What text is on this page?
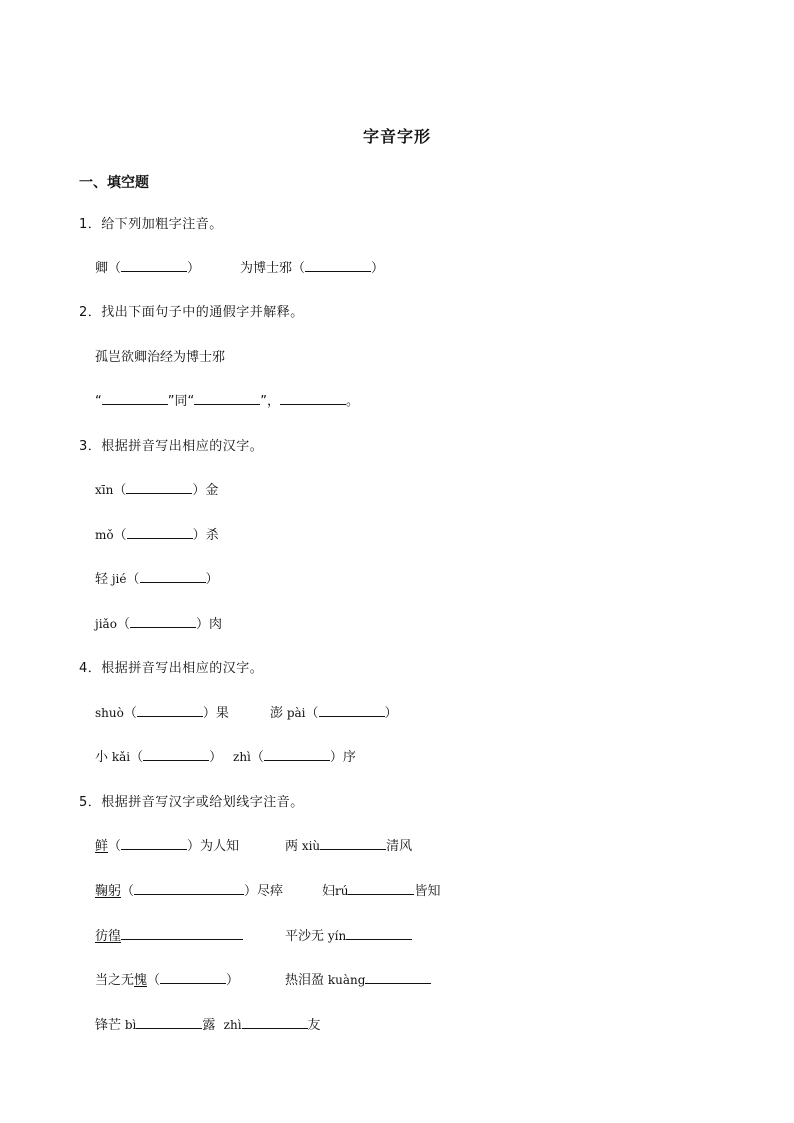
字音字形
一、填空题
1．给下列加粗字注音。
卿（	）	为博士邪（	）
2．找出下面句子中的通假字并解释。
孤岂欲卿治经为博士邪
“	”同“	”，	。
3．根据拼音写出相应的汉字。
xīn（	）金
mǒ（	）杀
轻 jié（	）
jiǎo（	）肉
4．根据拼音写出相应的汉字。
shuò（	）果	澎 pài（	）
小 kǎi（	） zhì（	）序
5．根据拼音写汉字或给划线字注音。
鲜（	）为人知	两 xiù	清风
鞠躬（	）尽瘁	妇rú	皆知
彷徨	平沙无 yín
当之无愧（	）	热泪盈 kuàng
锋芒 bì	露 zhì	友
